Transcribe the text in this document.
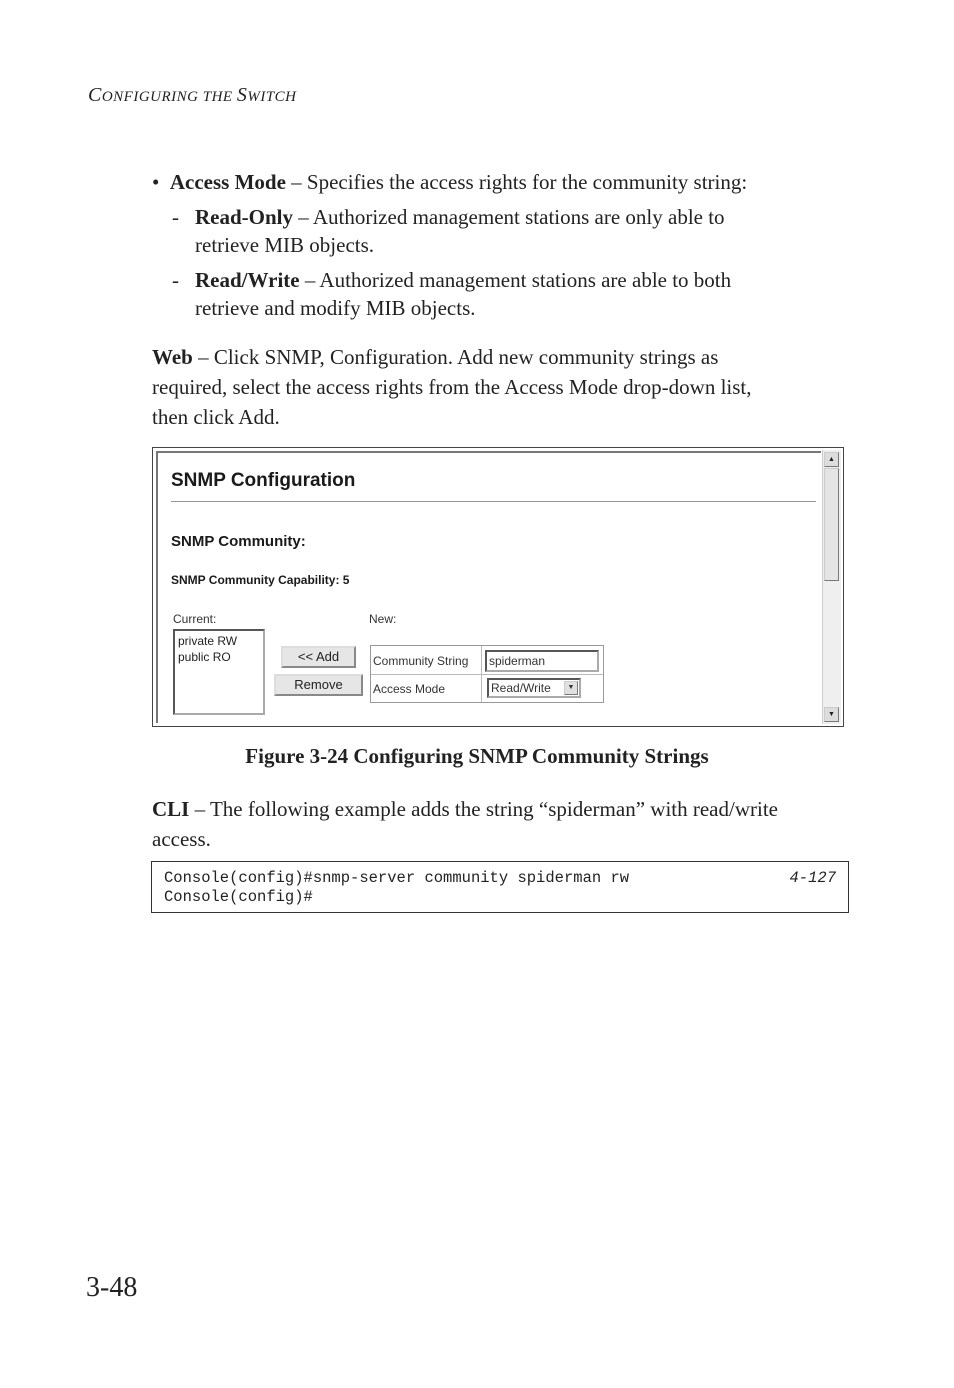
CONFIGURING THE SWITCH
•  Access Mode – Specifies the access rights for the community string:
- Read-Only – Authorized management stations are only able to
retrieve MIB objects.
- Read/Write – Authorized management stations are able to both
retrieve and modify MIB objects.
Web – Click SNMP, Configuration. Add new community strings as
required, select the access rights from the Access Mode drop-down list,
then click Add.
SNMP Configuration
SNMP Community:
SNMP Community Capability: 5
Current:	New:
private RW
public RO	<< Add
Remove
Community String	spiderman
Access Mode	Read/Write	▼
▲
▼
Figure 3-24 Configuring SNMP Community Strings
CLI – The following example adds the string “spiderman” with read/write
access.
Console(config)#snmp-server community spiderman rw
Console(config)#
4-127
3-48
